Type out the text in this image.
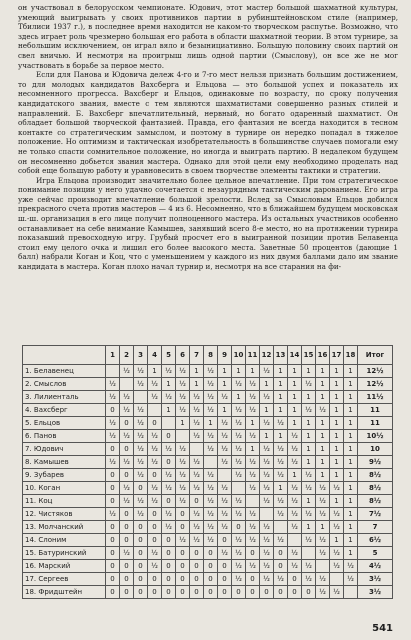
он участвовал в белорусском чемпионате. Юдович, этот мастер большой шахматной культуры, умеющий выигрывать у своих противников партии в рубинштейновском стиле (например, Тбилиси 1937 г.), в последнее время находится не каком-то творческом распутье. Возможно, что здесь играет роль чрезмерно большая его работа в области шахматной теории. В этом турнире, за небольшим исключением, он играл вяло и безынициативно. Большую половину своих партий он свел вничью. И несмотря на проигрыш лишь одной партии (Смыслову), он все же не мог участвовать в борьбе за первое место.

Если для Панова и Юдовича дележ 4-го и 7-го мест нельзя признать большим достижением, то для молодых кандидатов Вахсберга и Ельцова — это большой успех и показатель их несомненного прогресса. Вахсберг и Ельцов, одинаковые по возрасту, по сроку получения кандидатского звания, вместе с тем являются шахматистами совершенно разных стилей и направлений. Б. Вахсберг впечатлительный, нервный, но богато одаренный шахматист. Он обладает большой творческой фантазией. Правда, его фантазия не всегда находится в тесном контакте со стратегическим замыслом, и поэтому в турнире он нередко попадал в тяжелое положение. Но оптимизм и тактическая изобретательность в большинстве случаев помогали ему не только спасти сомнительное положение, но иногда и выиграть партию. В недалеком будущем он несомненно добьется звания мастера. Однако для этой цели ему необходимо проделать над собой еще большую работу и уравновесить в своем творчестве элементы тактики и стратегии.

Игра Ельцова производит значительно более цельное впечатление. При том стратегическое понимание позиции у него удачно сочетается с незаурядным тактическим дарованием. Его игра уже сейчас производит впечатление большой зрелости. Вслед за Смысловым Ельцов добился прекрасного счета против мастеров — 4 из 6. Несомненно, что в ближайшем будущем московская ш.-ш. организация в его лице получит полноценного мастера. Из остальных участников особенно останавливает на себе внимание Камышев, занявший всего 8-е место, но на протяжении турнира показавший превосходную игру. Грубый просчет его в выигранной позиции против Белавенца стоил ему целого очка и лишил его более высокого места. Заветные 50 процентов (дающие 1 балл) набрали Коган и Коц, что с уменьшением у каждого из них двумя баллами дало им звание кандидата в мастера. Коган плохо начал турнир и, несмотря на все старания на фи-

	1	2	3	4	5	6	7	8	9	10	11	12	13	14	15	16	17	18	Итог
1. Белавенец		½	½	1	½	½	1	½	1	1	1	½	1	1	1	1	1	1	12½
2. Смыслов	½		½	½	1	½	1	½	1	½	½	1	1	1	½	1	1	1	12½
3. Лилиенталь	½	½		½	½	½	½	½	½	1	½	½	1	1	1	1	1	1	11½
4. Вахсберг	0	½	½		1	½	½	½	1	½	½	1	1	1	½	½	1	1	11
5. Ельцов	½	0	½	0		1	½	1	½	½	1	½	½	1	1	1	1	1	11
6. Панов	½	½	½	½	0		½	½	½	½	½	1	1	½	1	1	1	1	10½
7. Юдович	0	0	½	½	½	½		½	½	½	1	½	½	½	1	1	1	1	10
8. Камышев	½	½	½	½	0	½	½		½	½	½	½	½	½	1	1	1	1	9½
9. Зубарев	0	0	½	0	½	½	½	½		½	½	½	½	1	½	1	1	1	8½
10. Коган	0	½	0	½	½	½	½	½	½		½	½	1	½	½	½	½	1	8½
11. Коц	0	½	½	½	0	½	0	½	½	½		½	½	½	1	½	1	1	8½
12. Чистяков	½	0	½	0	½	0	½	½	½	½	½		½	½	½	½	½	1	7½
13. Молчанский	0	0	0	0	½	0	½	½	½	0	½	½		½	1	1	½	1	7
14. Слоним	0	0	0	0	0	½	½	½	0	½	½	½	½		½	½	1	1	6½
15. Батуринский	0	½	0	½	0	0	0	0	½	½	0	½	0	½		½	½	1	5
16. Марский	0	0	0	½	0	0	0	0	0	½	½	½	0	½	½		½	½	4½
17. Сергеев	0	0	0	0	0	0	0	0	0	½	0	½	½	0	½	½		½	3½
18. Фридштейн	0	0	0	0	0	0	0	0	0	0	0	0	0	0	0	½	½		3½
541
